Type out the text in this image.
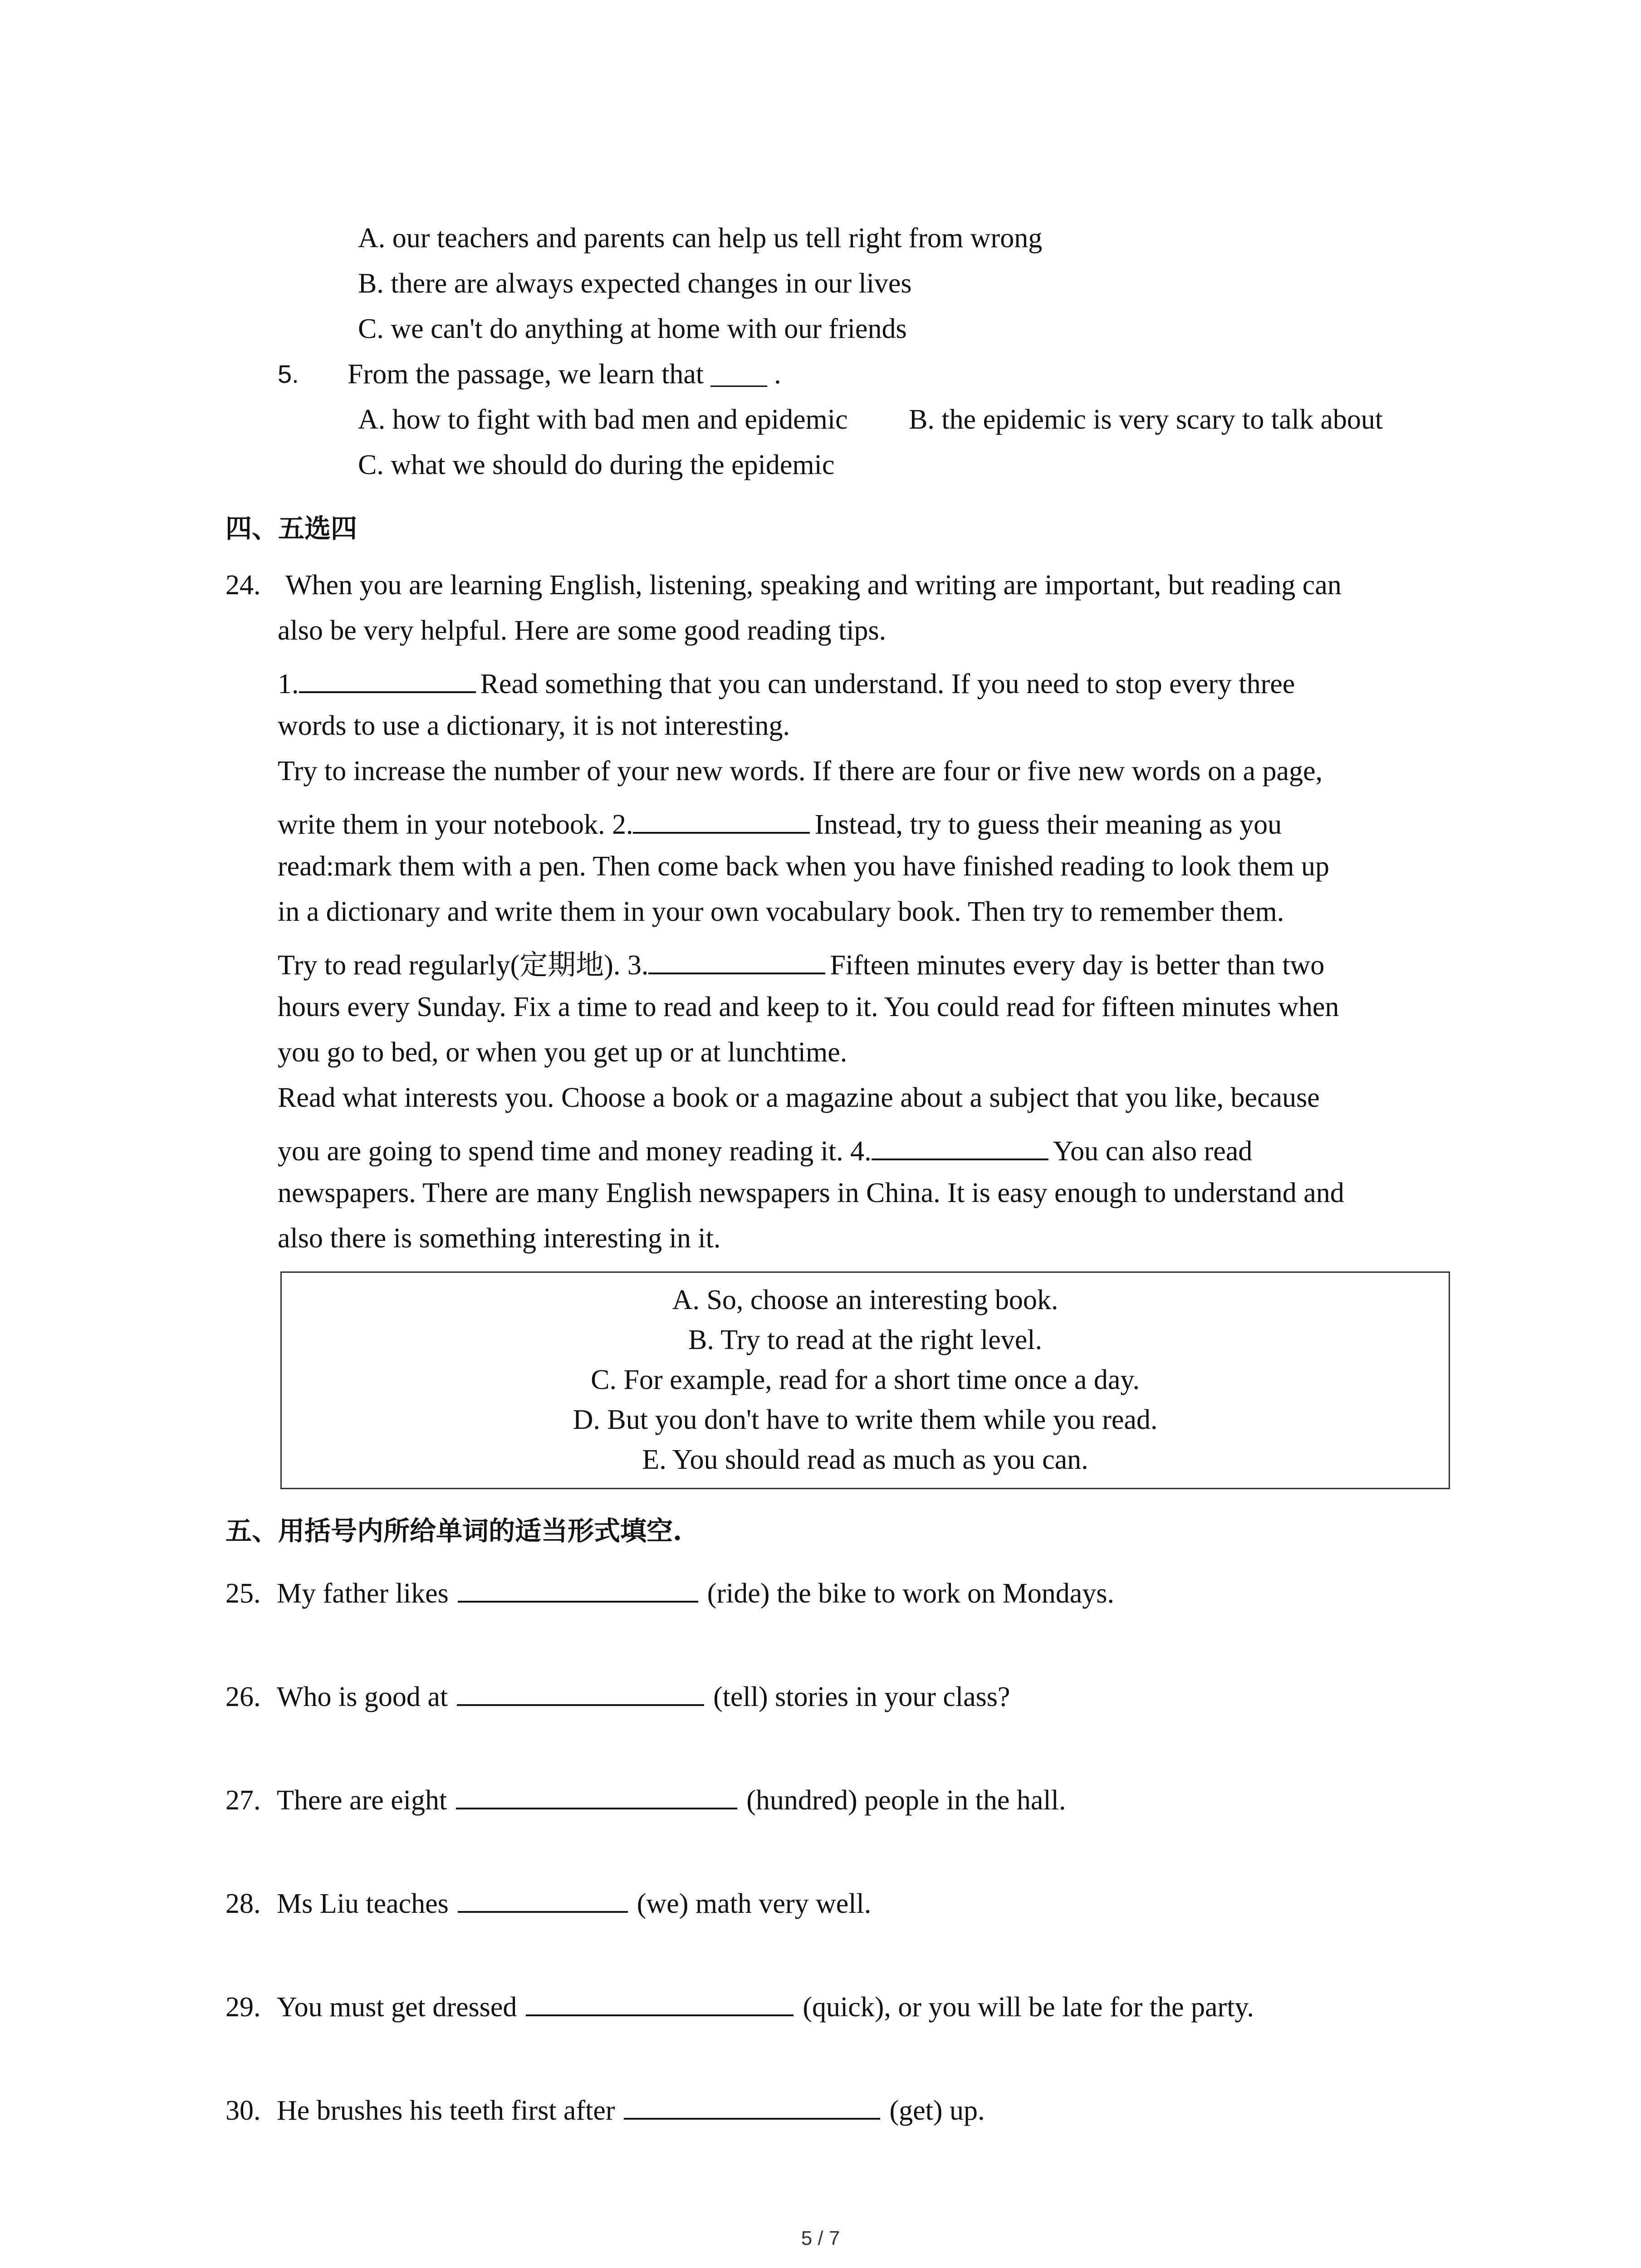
A. our teachers and parents can help us tell right from wrong
B. there are always expected changes in our lives
C. we can't do anything at home with our friends
5. From the passage, we learn that ____ .
A. how to fight with bad men and epidemic B. the epidemic is very scary to talk about
C. what we should do during the epidemic
四、五选四
24. When you are learning English, listening, speaking and writing are important, but reading can
also be very helpful. Here are some good reading tips.
1.	Read something that you can understand. If you need to stop every three
words to use a dictionary, it is not interesting.
Try to increase the number of your new words. If there are four or five new words on a page,
write them in your notebook. 2.	Instead, try to guess their meaning as you
read:mark them with a pen. Then come back when you have finished reading to look them up
in a dictionary and write them in your own vocabulary book. Then try to remember them.
Try to read regularly(定期地). 3.	Fifteen minutes every day is better than two
hours every Sunday. Fix a time to read and keep to it. You could read for fifteen minutes when
you go to bed, or when you get up or at lunchtime.
Read what interests you. Choose a book or a magazine about a subject that you like, because
you are going to spend time and money reading it. 4.	You can also read
newspapers. There are many English newspapers in China. It is easy enough to understand and
also there is something interesting in it.
A. So, choose an interesting book.
B. Try to read at the right level.
C. For example, read for a short time once a day.
D. But you don't have to write them while you read.
E. You should read as much as you can.
五、用括号内所给单词的适当形式填空.
25. My father likes	(ride) the bike to work on Mondays.
26. Who is good at	(tell) stories in your class?
27. There are eight	(hundred) people in the hall.
28. Ms Liu teaches	(we) math very well.
29. You must get dressed	(quick), or you will be late for the party.
30. He brushes his teeth first after	(get) up.
5 / 7
